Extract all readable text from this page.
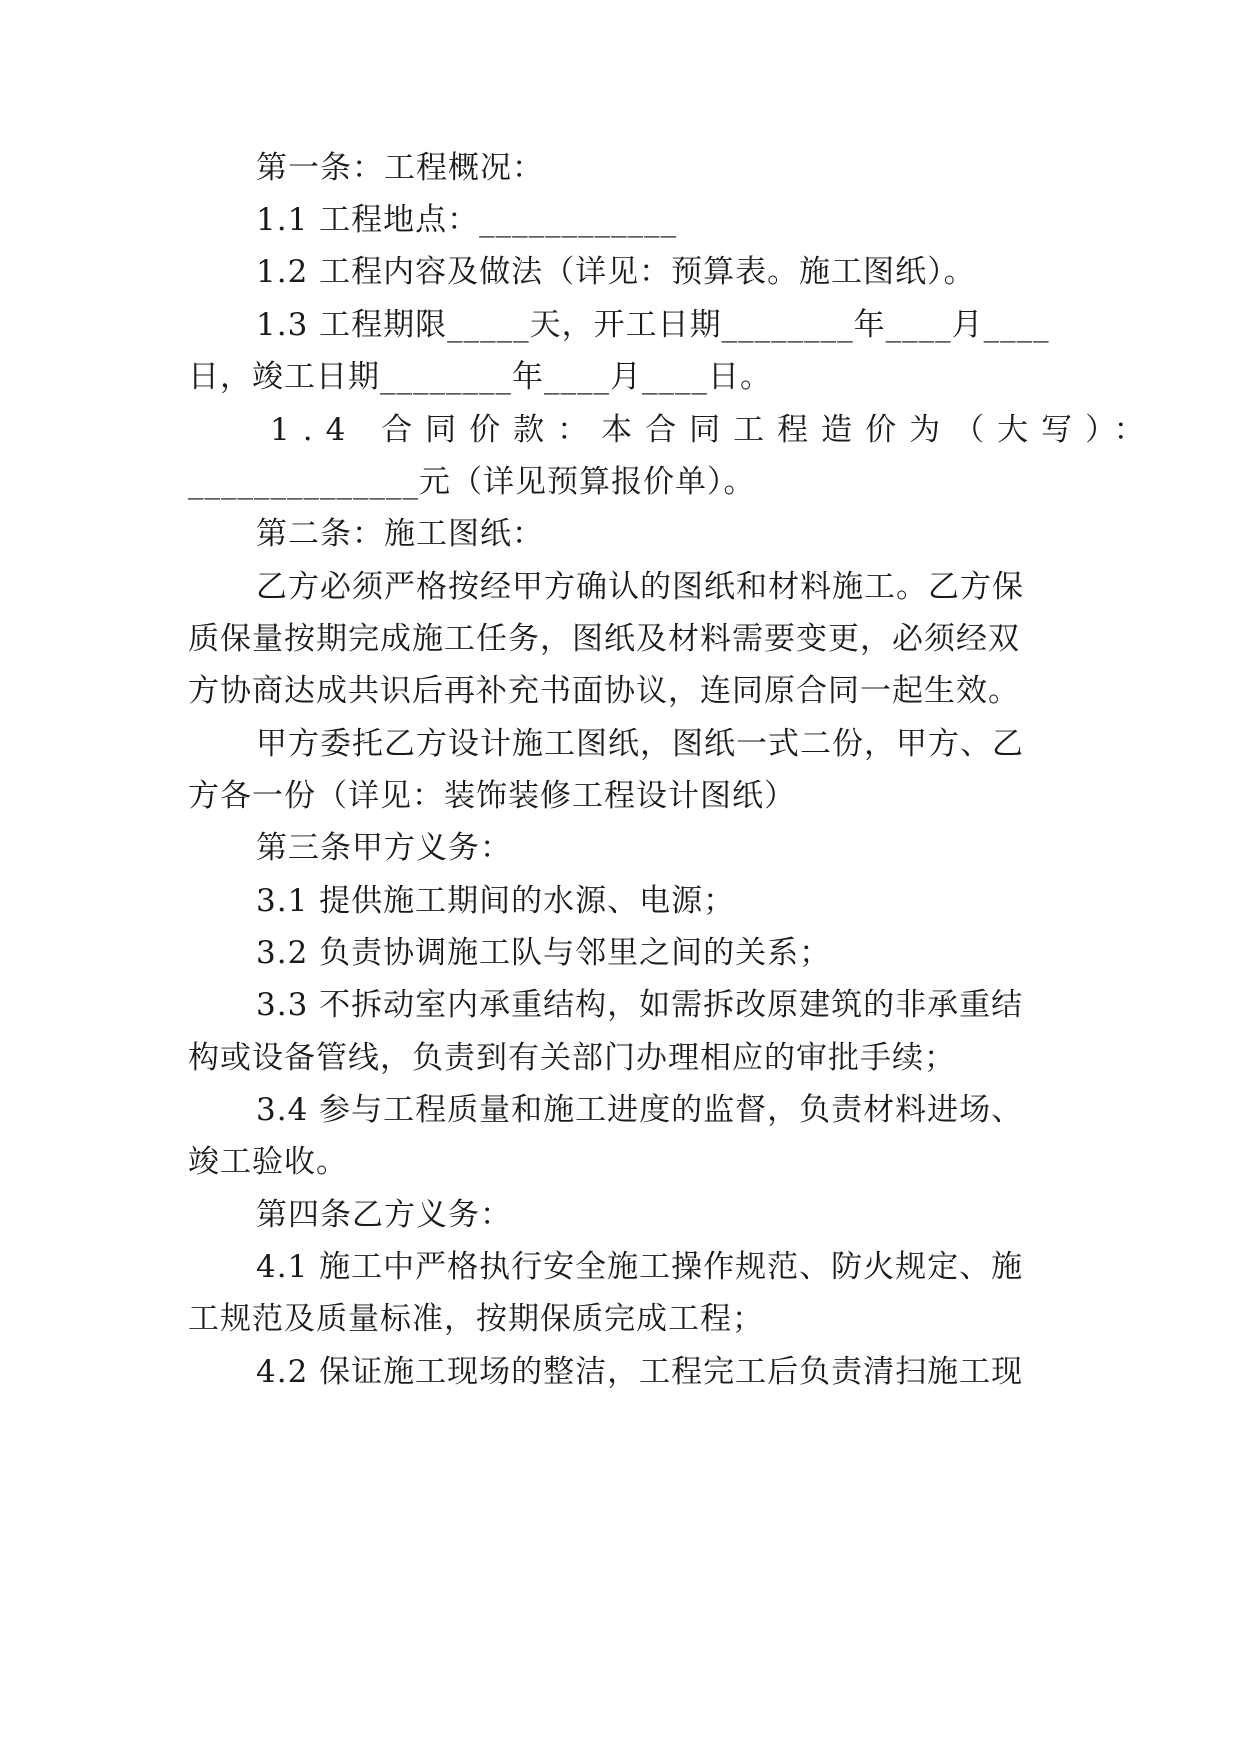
第一条：工程概况：
1.1 工程地点：____________
1.2 工程内容及做法（详见：预算表。施工图纸）。
1.3 工程期限_____天，开工日期________年____月____
日，竣工日期________年____月____日。
1.4 合同价款：本合同工程造价为（大写）：
______________元（详见预算报价单）。
第二条：施工图纸：
乙方必须严格按经甲方确认的图纸和材料施工。乙方保
质保量按期完成施工任务，图纸及材料需要变更，必须经双
方协商达成共识后再补充书面协议，连同原合同一起生效。
甲方委托乙方设计施工图纸，图纸一式二份，甲方、乙
方各一份（详见：装饰装修工程设计图纸）
第三条甲方义务：
3.1 提供施工期间的水源、电源；
3.2 负责协调施工队与邻里之间的关系；
3.3 不拆动室内承重结构，如需拆改原建筑的非承重结
构或设备管线，负责到有关部门办理相应的审批手续；
3.4 参与工程质量和施工进度的监督，负责材料进场、
竣工验收。
第四条乙方义务：
4.1 施工中严格执行安全施工操作规范、防火规定、施
工规范及质量标准，按期保质完成工程；
4.2 保证施工现场的整洁，工程完工后负责清扫施工现
